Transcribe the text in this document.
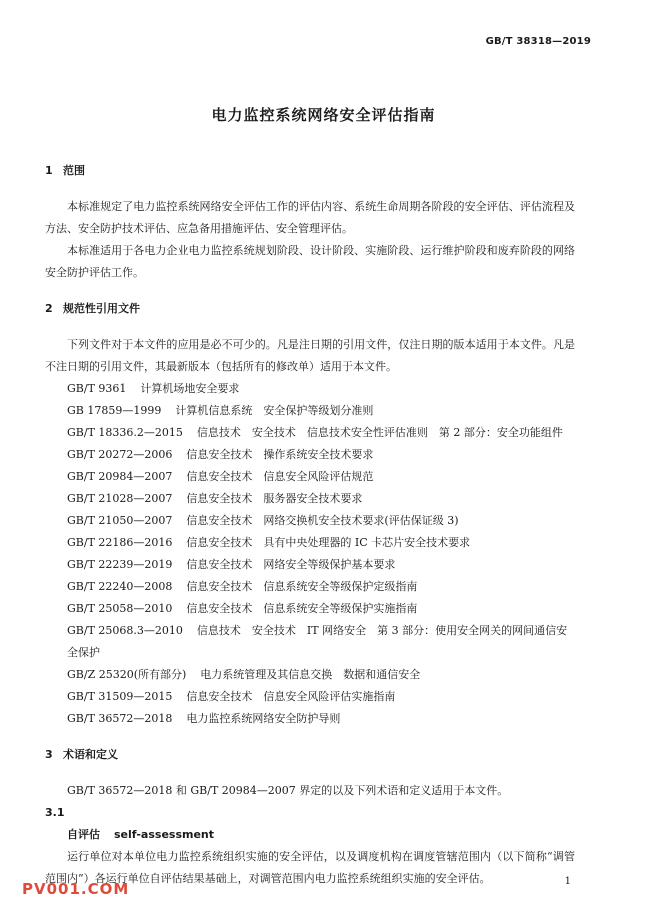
GB/T 38318—2019
电力监控系统网络安全评估指南
1 范围

本标准规定了电力监控系统网络安全评估工作的评估内容、系统生命周期各阶段的安全评估、评估流程及方法、安全防护技术评估、应急备用措施评估、安全管理评估。

本标准适用于各电力企业电力监控系统规划阶段、设计阶段、实施阶段、运行维护阶段和废弃阶段的网络安全防护评估工作。

2 规范性引用文件

下列文件对于本文件的应用是必不可少的。凡是注日期的引用文件，仅注日期的版本适用于本文件。凡是不注日期的引用文件，其最新版本（包括所有的修改单）适用于本文件。

GB/T 9361 计算机场地安全要求

GB 17859—1999 计算机信息系统　安全保护等级划分准则

GB/T 18336.2—2015 信息技术　安全技术　信息技术安全性评估准则　第 2 部分：安全功能组件

GB/T 20272—2006 信息安全技术　操作系统安全技术要求

GB/T 20984—2007 信息安全技术　信息安全风险评估规范

GB/T 21028—2007 信息安全技术　服务器安全技术要求

GB/T 21050—2007 信息安全技术　网络交换机安全技术要求(评估保证级 3)

GB/T 22186—2016 信息安全技术　具有中央处理器的 IC 卡芯片安全技术要求

GB/T 22239—2019 信息安全技术　网络安全等级保护基本要求

GB/T 22240—2008 信息安全技术　信息系统安全等级保护定级指南

GB/T 25058—2010 信息安全技术　信息系统安全等级保护实施指南

GB/T 25068.3—2010 信息技术　安全技术　IT 网络安全　第 3 部分：使用安全网关的网间通信安全保护

GB/Z 25320(所有部分) 电力系统管理及其信息交换　数据和通信安全

GB/T 31509—2015 信息安全技术　信息安全风险评估实施指南

GB/T 36572—2018 电力监控系统网络安全防护导则

3 术语和定义

GB/T 36572—2018 和 GB/T 20984—2007 界定的以及下列术语和定义适用于本文件。

3.1
自评估 self-assessment

运行单位对本单位电力监控系统组织实施的安全评估，以及调度机构在调度管辖范围内（以下简称“调管范围内”）各运行单位自评估结果基础上，对调管范围内电力监控系统组织实施的安全评估。

PV001.COM	1
